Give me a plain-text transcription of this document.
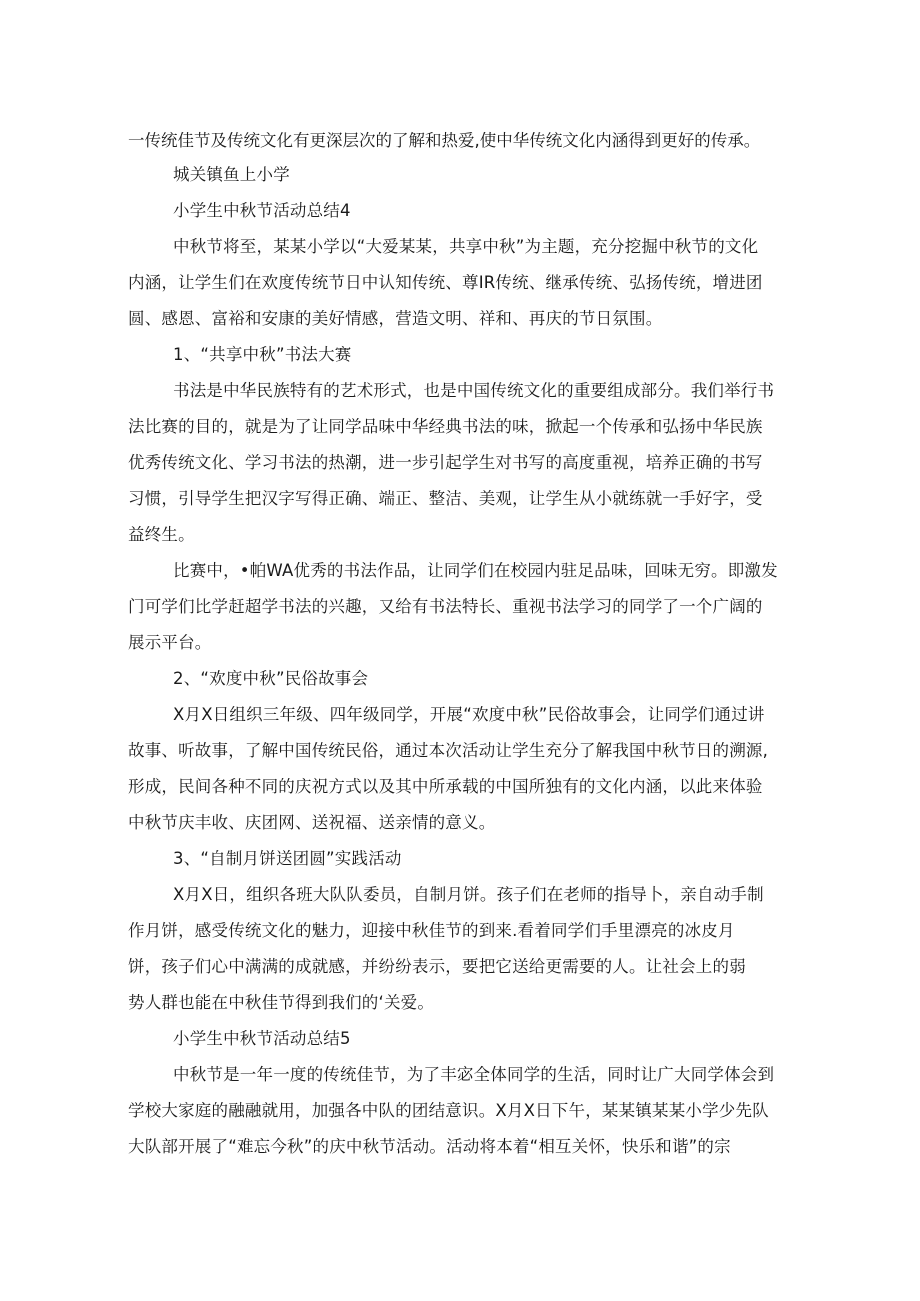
一传统佳节及传统文化有更深层次的了解和热爱,使中华传统文化内涵得到更好的传承。
城关镇鱼上小学
小学生中秋节活动总结4
中秋节将至，某某小学以“大爱某某，共享中秋”为主题，充分挖掘中秋节的文化
内涵，让学生们在欢度传统节日中认知传统、尊IR传统、继承传统、弘扬传统，增进团
圆、感恩、富裕和安康的美好情感，营造文明、祥和、再庆的节日氛围。
1、“共享中秋”书法大赛
书法是中华民族特有的艺术形式，也是中国传统文化的重要组成部分。我们举行书
法比赛的目的，就是为了让同学品味中华经典书法的味，掀起一个传承和弘扬中华民族
优秀传统文化、学习书法的热潮，进一步引起学生对书写的高度重视，培养正确的书写
习惯，引导学生把汉字写得正确、端正、整洁、美观，让学生从小就练就一手好字，受
益终生。
比赛中，•帕WA优秀的书法作品，让同学们在校园内驻足品味，回味无穷。即激发
门可学们比学赶超学书法的兴趣，又给有书法特长、重视书法学习的同学了一个广阔的
展示平台。
2、“欢度中秋”民俗故事会
X月X日组织三年级、四年级同学，开展“欢度中秋”民俗故事会，让同学们通过讲
故事、听故事，了解中国传统民俗，通过本次活动让学生充分了解我国中秋节日的溯源,
形成，民间各种不同的庆祝方式以及其中所承载的中国所独有的文化内涵，以此来体验
中秋节庆丰收、庆团网、送祝福、送亲情的意义。
3、“自制月饼送团圆”实践活动
X月X日，组织各班大队队委员，自制月饼。孩子们在老师的指导卜，亲自动手制
作月饼，感受传统文化的魅力，迎接中秋佳节的到来.看着同学们手里漂亮的冰皮月
饼，孩子们心中满满的成就感，并纷纷表示，要把它送给更需要的人。让社会上的弱
势人群也能在中秋佳节得到我们的‘关爱。
小学生中秋节活动总结5
中秋节是一年一度的传统佳节，为了丰宓全体同学的生活，同时让广大同学体会到
学校大家庭的融融就用，加强各中队的团结意识。X月X日下午，某某镇某某小学少先队
大队部开展了“难忘今秋”的庆中秋节活动。活动将本着“相互关怀，快乐和谐”的宗
